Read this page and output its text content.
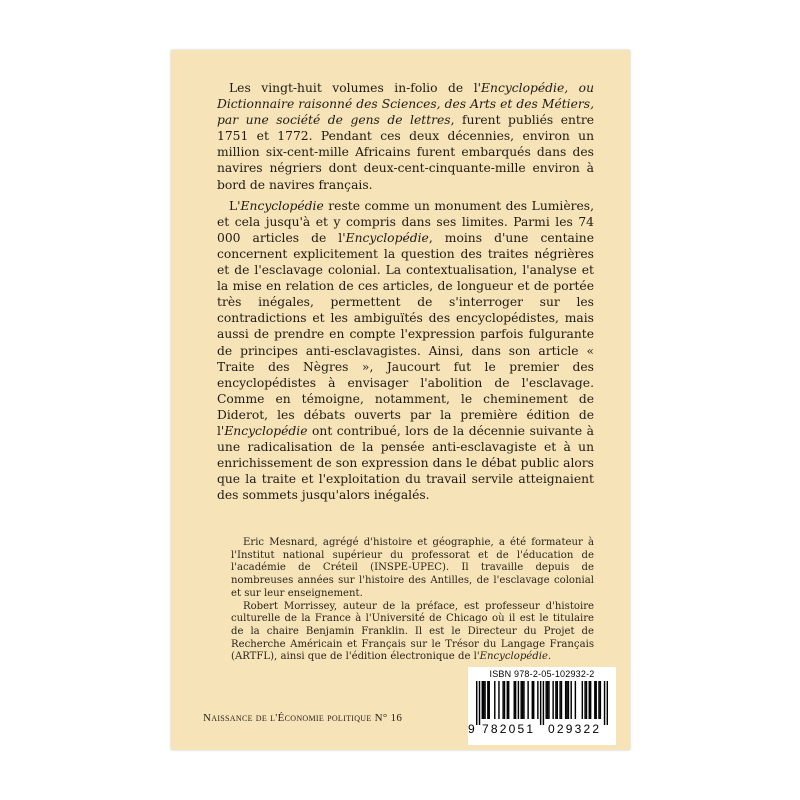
Les vingt-huit volumes in-folio de l'Encyclopédie, ou Dictionnaire raisonné des Sciences, des Arts et des Métiers, par une société de gens de lettres, furent publiés entre 1751 et 1772. Pendant ces deux décennies, environ un million six-cent-mille Africains furent embarqués dans des navires négriers dont deux-cent-cinquante-mille environ à bord de navires français.

L'Encyclopédie reste comme un monument des Lumières, et cela jusqu'à et y compris dans ses limites. Parmi les 74 000 articles de l'Encyclopédie, moins d'une centaine concernent explicitement la question des traites négrières et de l'esclavage colonial. La contextualisation, l'analyse et la mise en relation de ces articles, de longueur et de portée très inégales, permettent de s'interroger sur les contradictions et les ambiguïtés des encyclopédistes, mais aussi de prendre en compte l'expression parfois fulgurante de principes anti-esclavagistes. Ainsi, dans son article « Traite des Nègres », Jaucourt fut le premier des encyclopédistes à envisager l'abolition de l'esclavage. Comme en témoigne, notamment, le cheminement de Diderot, les débats ouverts par la première édition de l'Encyclopédie ont contribué, lors de la décennie suivante à une radicalisation de la pensée anti-esclavagiste et à un enrichissement de son expression dans le débat public alors que la traite et l'exploitation du travail servile atteignaient des sommets jusqu'alors inégalés.

Eric Mesnard, agrégé d'histoire et géographie, a été formateur à l'Institut national supérieur du professorat et de l'éducation de l'académie de Créteil (INSPE-UPEC). Il travaille depuis de nombreuses années sur l'histoire des Antilles, de l'esclavage colonial et sur leur enseignement.

Robert Morrissey, auteur de la préface, est professeur d'histoire culturelle de la France à l'Université de Chicago où il est le titulaire de la chaire Benjamin Franklin. Il est le Directeur du Projet de Recherche Américain et Français sur le Trésor du Langage Français (ARTFL), ainsi que de l'édition électronique de l'Encyclopédie.

Naissance de l'Économie politique N° 16
ISBN 978-2-05-102932-2
9 782051 029322
